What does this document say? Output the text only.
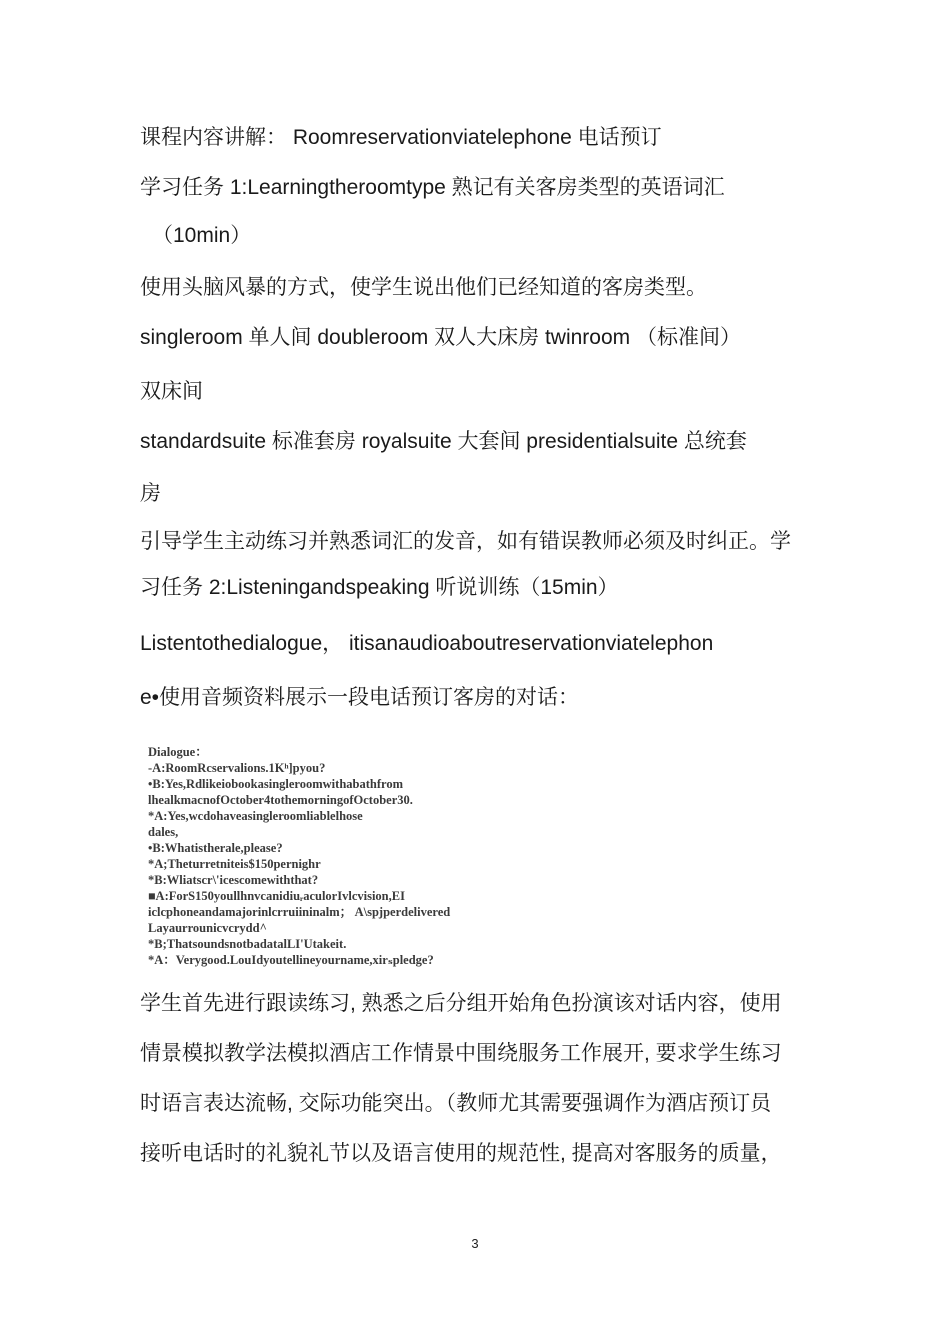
课程内容讲解： Roomreservationviatelephone 电话预订
学习任务 1:Learningtheroomtype 熟记有关客房类型的英语词汇
（10min）
使用头脑风暴的方式，使学生说出他们已经知道的客房类型。
singleroom 单人间 doubleroom 双人大床房 twinroom （标准间）
双床间
standardsuite 标准套房 royalsuite 大套间 presidentialsuite 总统套
房
引导学生主动练习并熟悉词汇的发音，如有错误教师必须及时纠正。学
习任务 2:Listeningandspeaking 听说训练（15min）
Listentothedialogue， itisanaudioaboutreservationviatelephon
e•使用音频资料展示一段电话预订客房的对话：
Dialogue：
-A:RoomRcservalions.1Kʰ]pyou?
•B:Yes,Rdlikeiobookasingleroomwithabathfrom
lhealkmacnofOctober4tothemorningofOctober30.
*A:Yes,wcdohaveasingleroomliablelhose
dales,
•B:Whatistherale,please?
*A;Theturretniteis$150pernighr
*B:Wliatscr\'icescomewiththat?
■A:ForS150youllhnvcanidiuᵣaculorIvlcvision,EI
iclcphoneandamajorinlcrruiininalm； A\spjperdelivered
Layaurrounicvcrydd^
*B;ThatsoundsnotbadatalLI'Utakeit.
*A：Verygood.LouIdyoutellineyourname,xirₛpledge?
学生首先进行跟读练习, 熟悉之后分组开始角色扮演该对话内容，使用
情景模拟教学法模拟酒店工作情景中围绕服务工作展开, 要求学生练习
时语言表达流畅, 交际功能突出。（教师尤其需要强调作为酒店预订员
接听电话时的礼貌礼节以及语言使用的规范性, 提高对客服务的质量，
3
